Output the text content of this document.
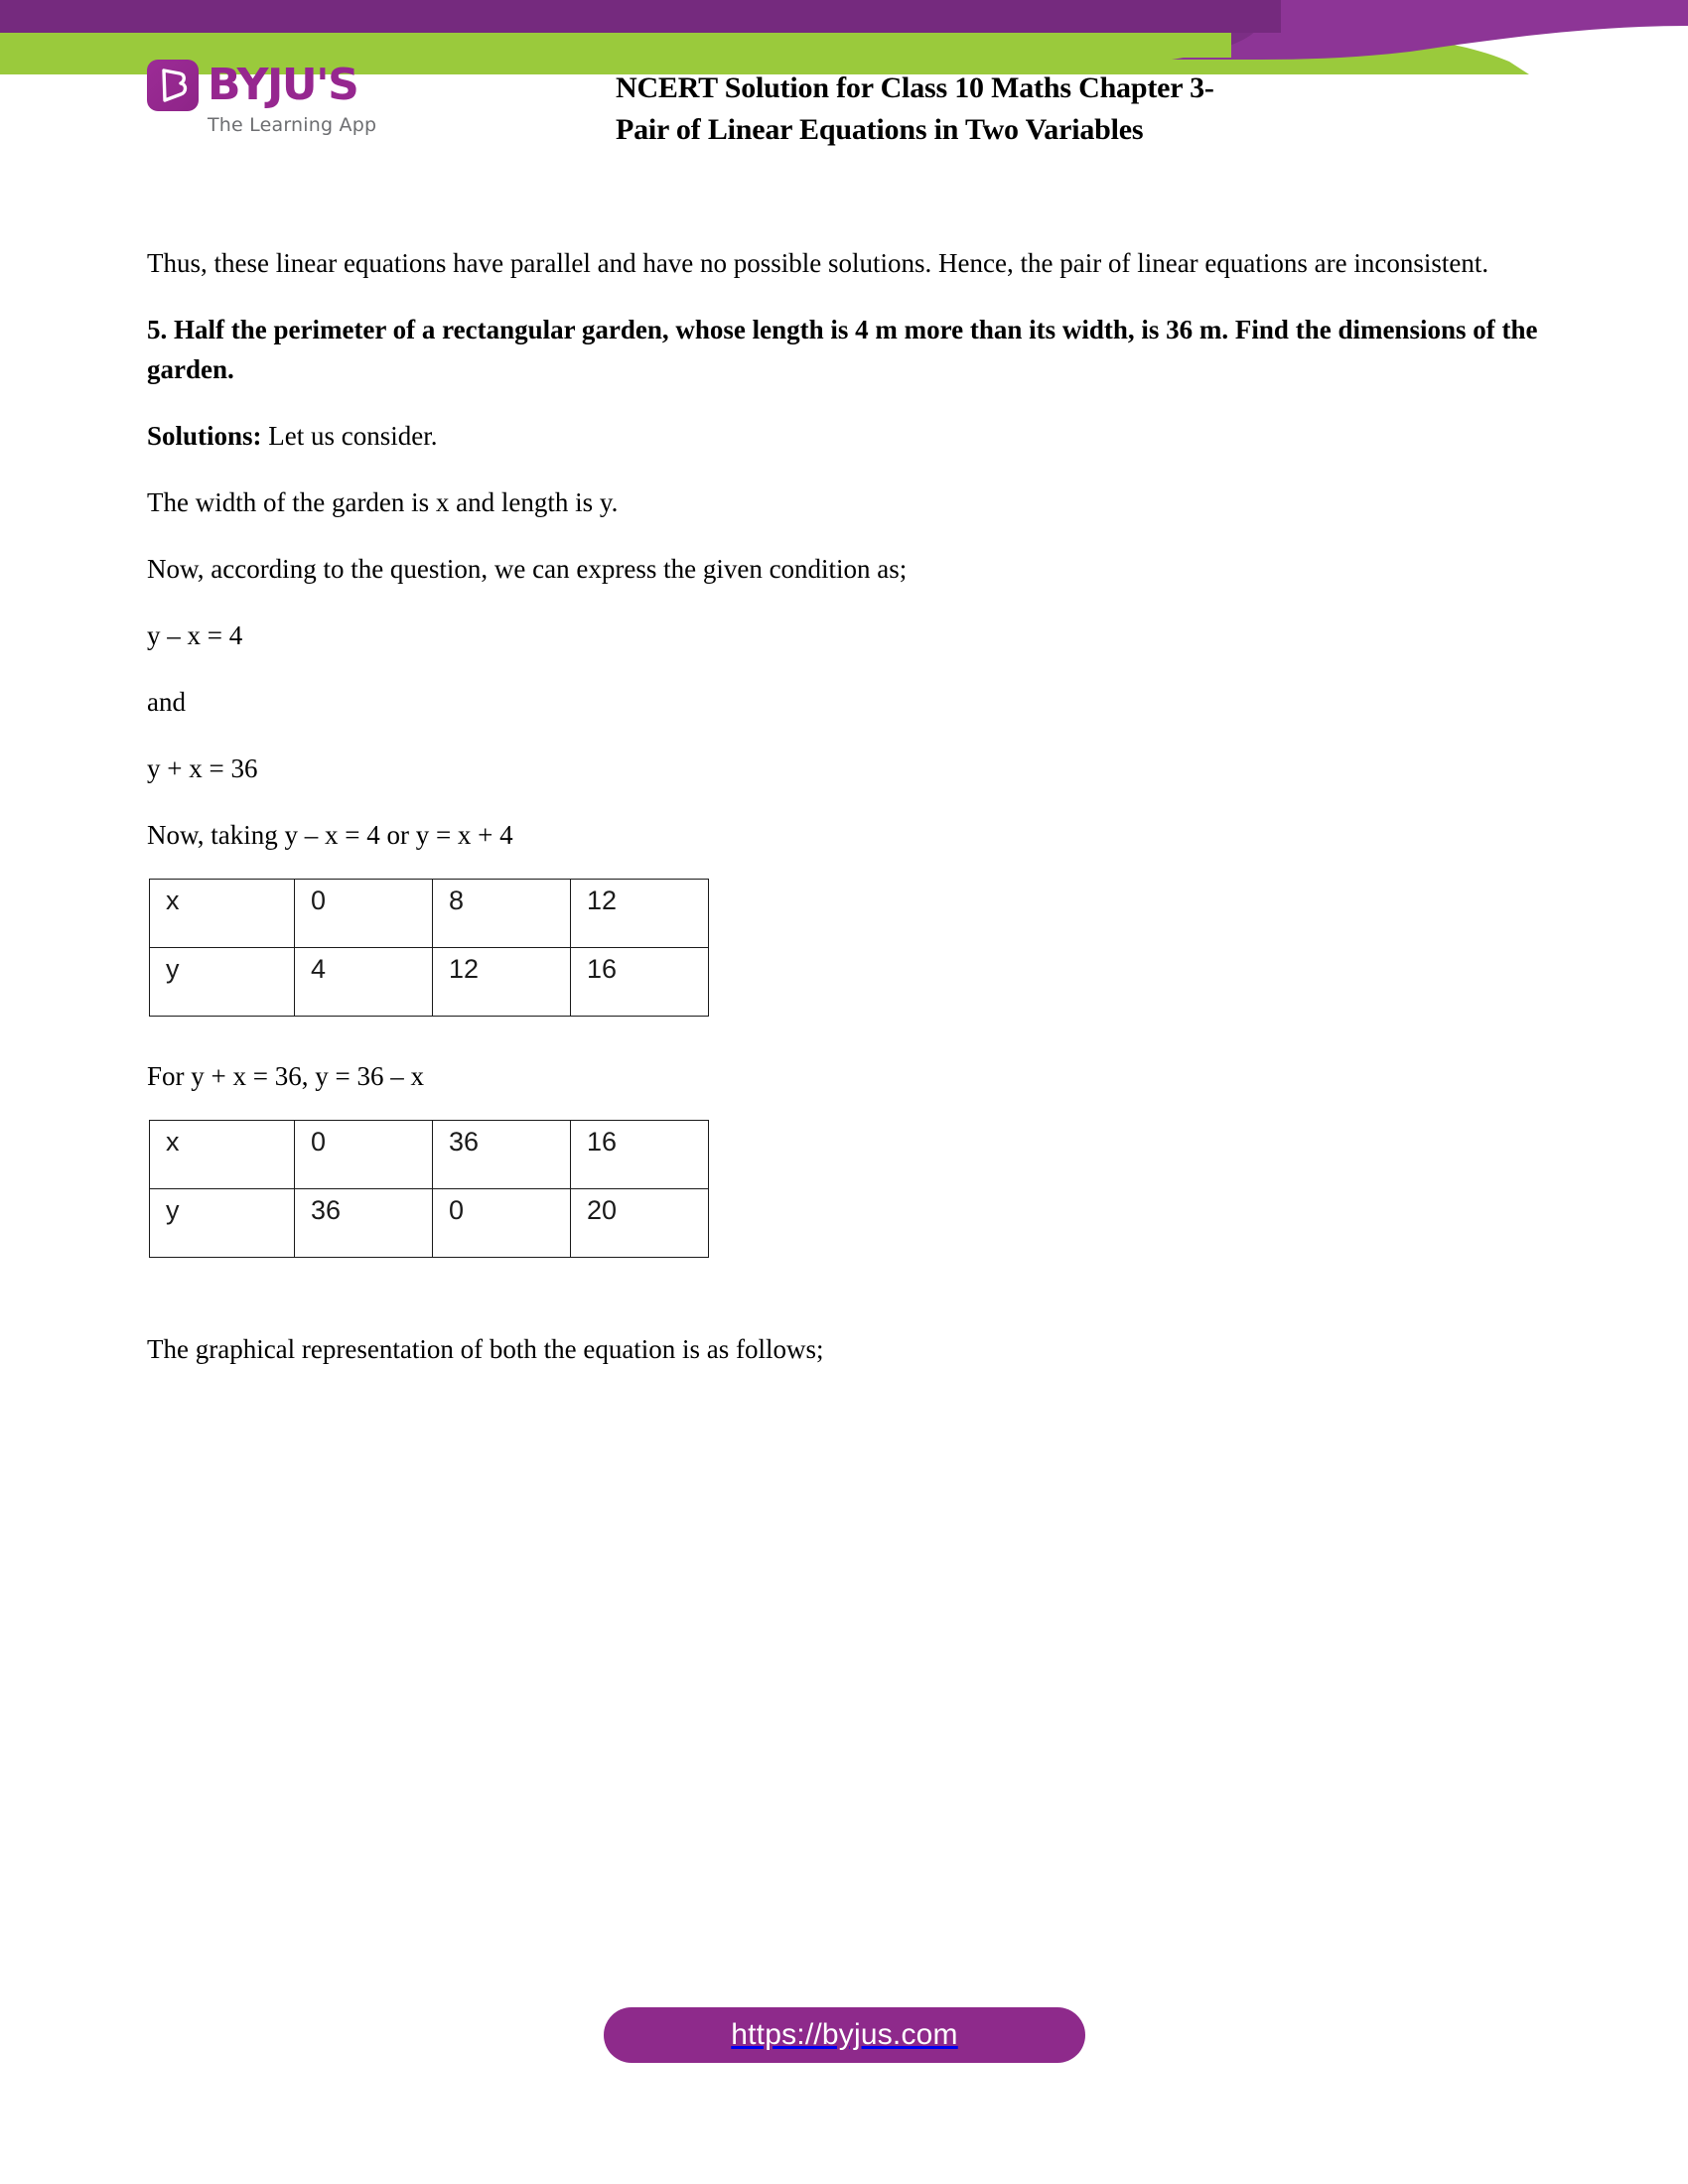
BYJU'S
The Learning App
NCERT Solution for Class 10 Maths Chapter 3-
Pair of Linear Equations in Two Variables

Thus, these linear equations have parallel and have no possible solutions. Hence, the pair of linear equations are inconsistent.

5. Half the perimeter of a rectangular garden, whose length is 4 m more than its width, is 36 m. Find the dimensions of the garden.

Solutions: Let us consider.

The width of the garden is x and length is y.

Now, according to the question, we can express the given condition as;

y – x = 4

and

y + x = 36

Now, taking y – x = 4 or y = x + 4

x	0	8	12
y	4	12	16

For y + x = 36, y = 36 – x

x	0	36	16
y	36	0	20

The graphical representation of both the equation is as follows;

https://byjus.com
